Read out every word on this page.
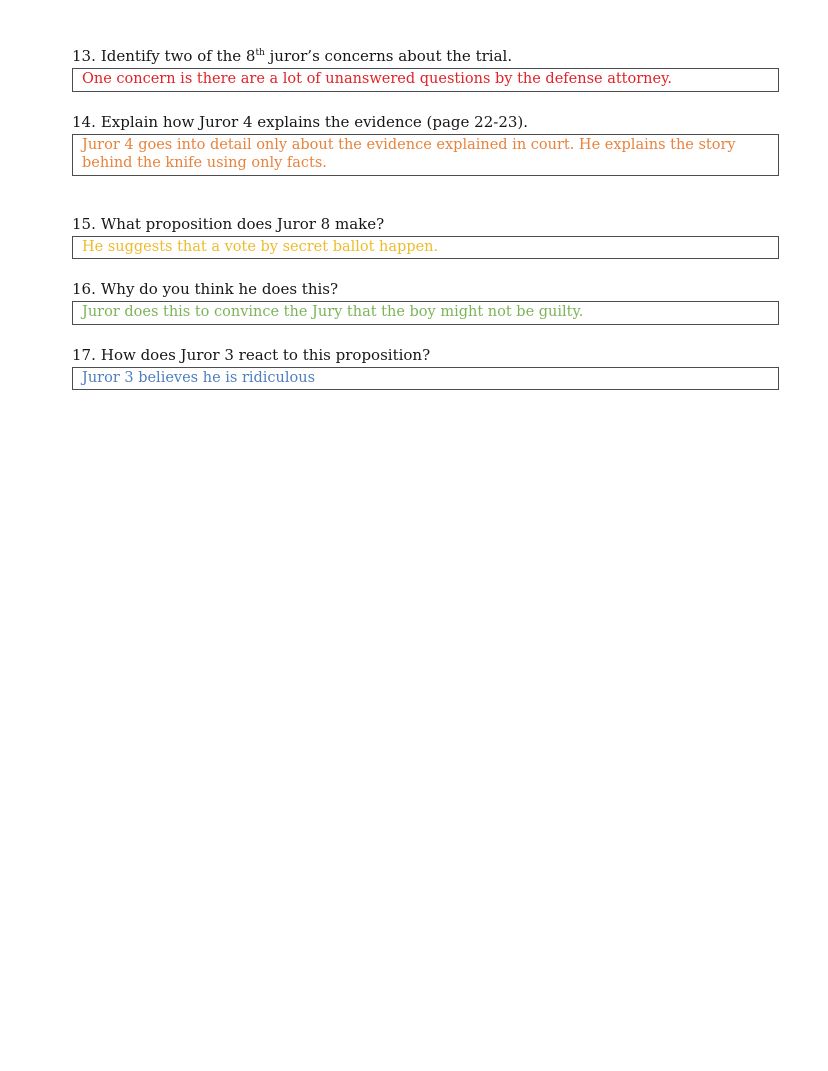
13. Identify two of the 8th juror’s concerns about the trial.
One concern is there are a lot of unanswered questions by the defense attorney.
14. Explain how Juror 4 explains the evidence (page 22-23).
Juror 4 goes into detail only about the evidence explained in court. He explains the story behind the knife using only facts.
15. What proposition does Juror 8 make?
He suggests that a vote by secret ballot happen.
16. Why do you think he does this?
Juror does this to convince the Jury that the boy might not be guilty.
17. How does Juror 3 react to this proposition?
Juror 3 believes he is ridiculous
